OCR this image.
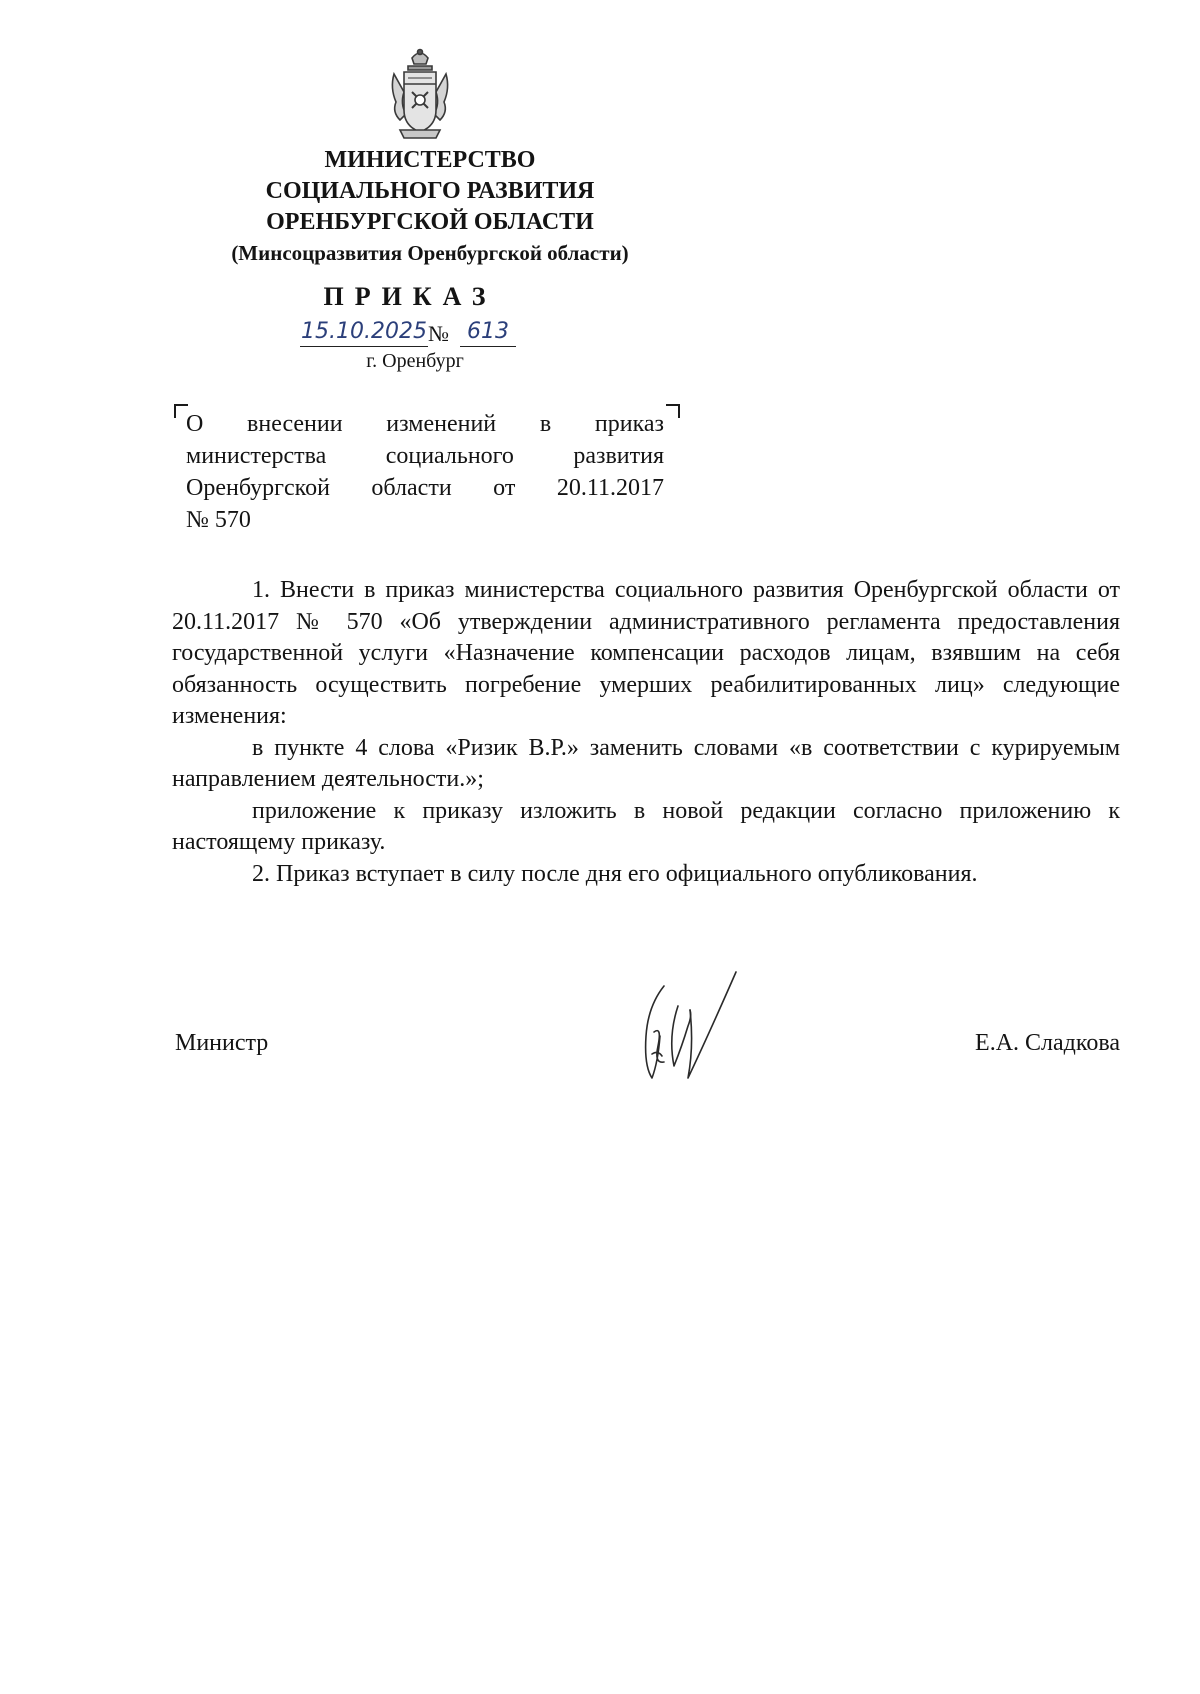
МИНИСТЕРСТВО
СОЦИАЛЬНОГО РАЗВИТИЯ
ОРЕНБУРГСКОЙ ОБЛАСТИ
(Минсоцразвития Оренбургской области)
ПРИКАЗ
15.10.2025 № 613
г. Оренбург
О внесении изменений в приказ
министерства социального развития
Оренбургской области от 20.11.2017
№ 570

1. Внести в приказ министерства социального развития Оренбургской области от 20.11.2017 № 570 «Об утверждении административного регламента предоставления государственной услуги «Назначение компенсации расходов лицам, взявшим на себя обязанность осуществить погребение умерших реабилитированных лиц» следующие изменения:

в пункте 4 слова «Ризик В.Р.» заменить словами «в соответствии с курируемым направлением деятельности.»;

приложение к приказу изложить в новой редакции согласно приложению к настоящему приказу.

2. Приказ вступает в силу после дня его официального опубликования.

Министр	Е.А. Сладкова
